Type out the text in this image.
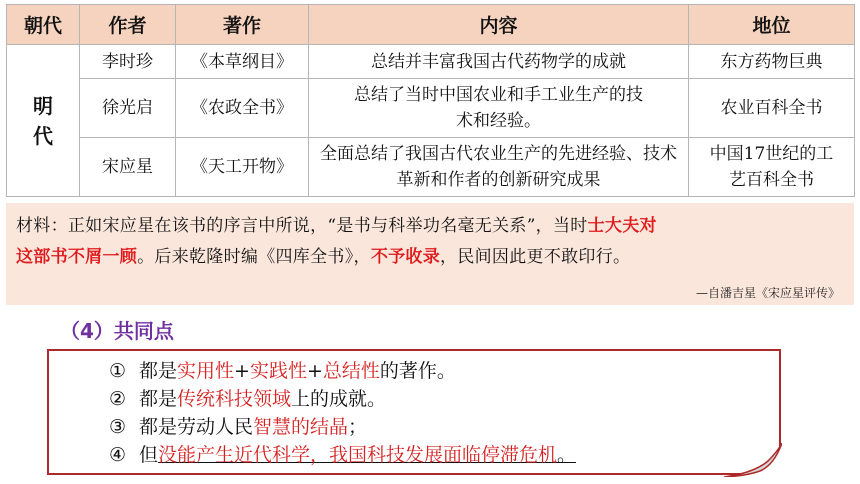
朝代	作者	著作	内容	地位

明
代	李时珍	《本草纲目》	总结并丰富我国古代药物学的成就	东方药物巨典
	徐光启	《农政全书》	总结了当时中国农业和手工业生产的技术和经验。	农业百科全书
	宋应星	《天工开物》	全面总结了我国古代农业生产的先进经验、技术革新和作者的创新研究成果	中国17世纪的工艺百科全书
材料：正如宋应星在该书的序言中所说，“是书与科举功名毫无关系”，当时士大夫对
这部书不屑一顾。后来乾隆时编《四库全书》，不予收录，民间因此更不敢印行。
—自潘吉星《宋应星评传》
（4）共同点
① 都是实用性+实践性+总结性的著作。
② 都是传统科技领域上的成就。
③ 都是劳动人民智慧的结晶；
④ 但没能产生近代科学，我国科技发展面临停滞危机。
